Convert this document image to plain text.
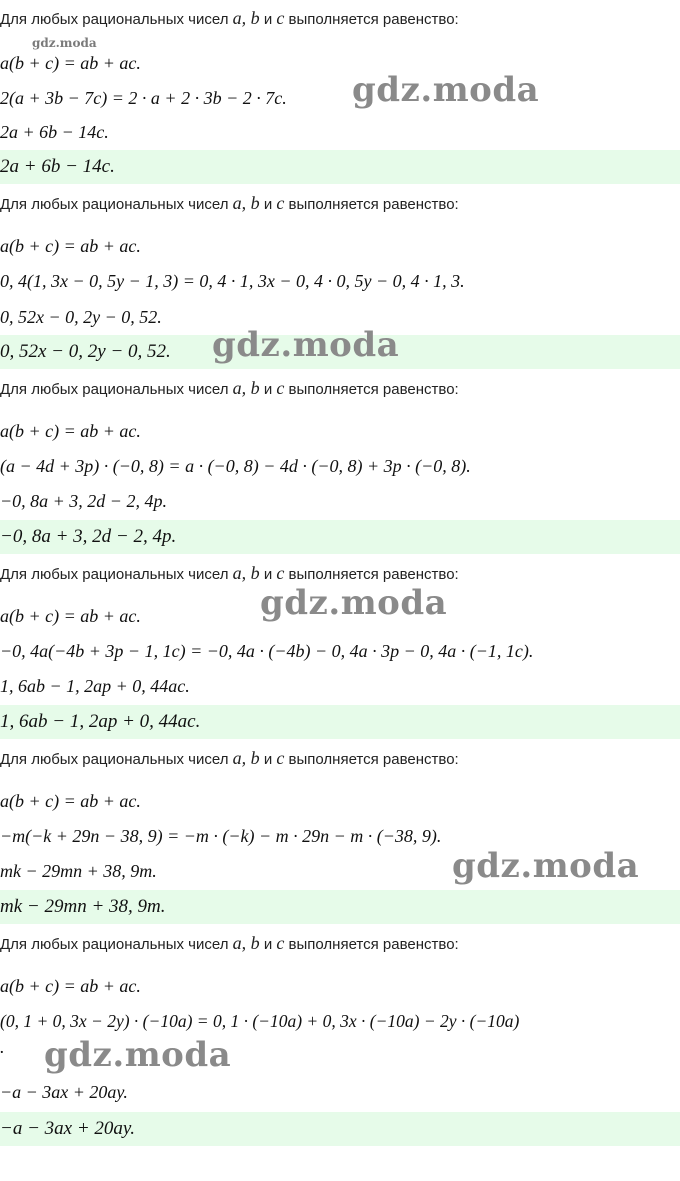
Для любых рациональных чисел a, b и c выполняется равенство:
gdz.moda
a(b + c) = ab + ac.
2(a + 3b − 7c) = 2 · a + 2 · 3b − 2 · 7c. gdz.moda
2a + 6b − 14c.
2a + 6b − 14c.
Для любых рациональных чисел a, b и c выполняется равенство:
a(b + c) = ab + ac.
0, 4(1, 3x − 0, 5y − 1, 3) = 0, 4 · 1, 3x − 0, 4 · 0, 5y − 0, 4 · 1, 3.
0, 52x − 0, 2y − 0, 52.
0, 52x − 0, 2y − 0, 52.	gdz.moda
Для любых рациональных чисел a, b и c выполняется равенство:
a(b + c) = ab + ac.
(a − 4d + 3p) · (−0, 8) = a · (−0, 8) − 4d · (−0, 8) + 3p · (−0, 8).
−0, 8a + 3, 2d − 2, 4p.
−0, 8a + 3, 2d − 2, 4p.
Для любых рациональных чисел a, b и c выполняется равенство:
gdz.moda
a(b + c) = ab + ac.
−0, 4a(−4b + 3p − 1, 1c) = −0, 4a · (−4b) − 0, 4a · 3p − 0, 4a · (−1, 1c).
1, 6ab − 1, 2ap + 0, 44ac.
1, 6ab − 1, 2ap + 0, 44ac.
Для любых рациональных чисел a, b и c выполняется равенство:
a(b + c) = ab + ac.
−m(−k + 29n − 38, 9) = −m · (−k) − m · 29n − m · (−38, 9).
mk − 29mn + 38, 9m.	gdz.moda
mk − 29mn + 38, 9m.
Для любых рациональных чисел a, b и c выполняется равенство:
a(b + c) = ab + ac.
(0, 1 + 0, 3x − 2y) · (−10a) = 0, 1 · (−10a) + 0, 3x · (−10a) − 2y · (−10a)
. gdz.moda
−a − 3ax + 20ay.
−a − 3ax + 20ay.
